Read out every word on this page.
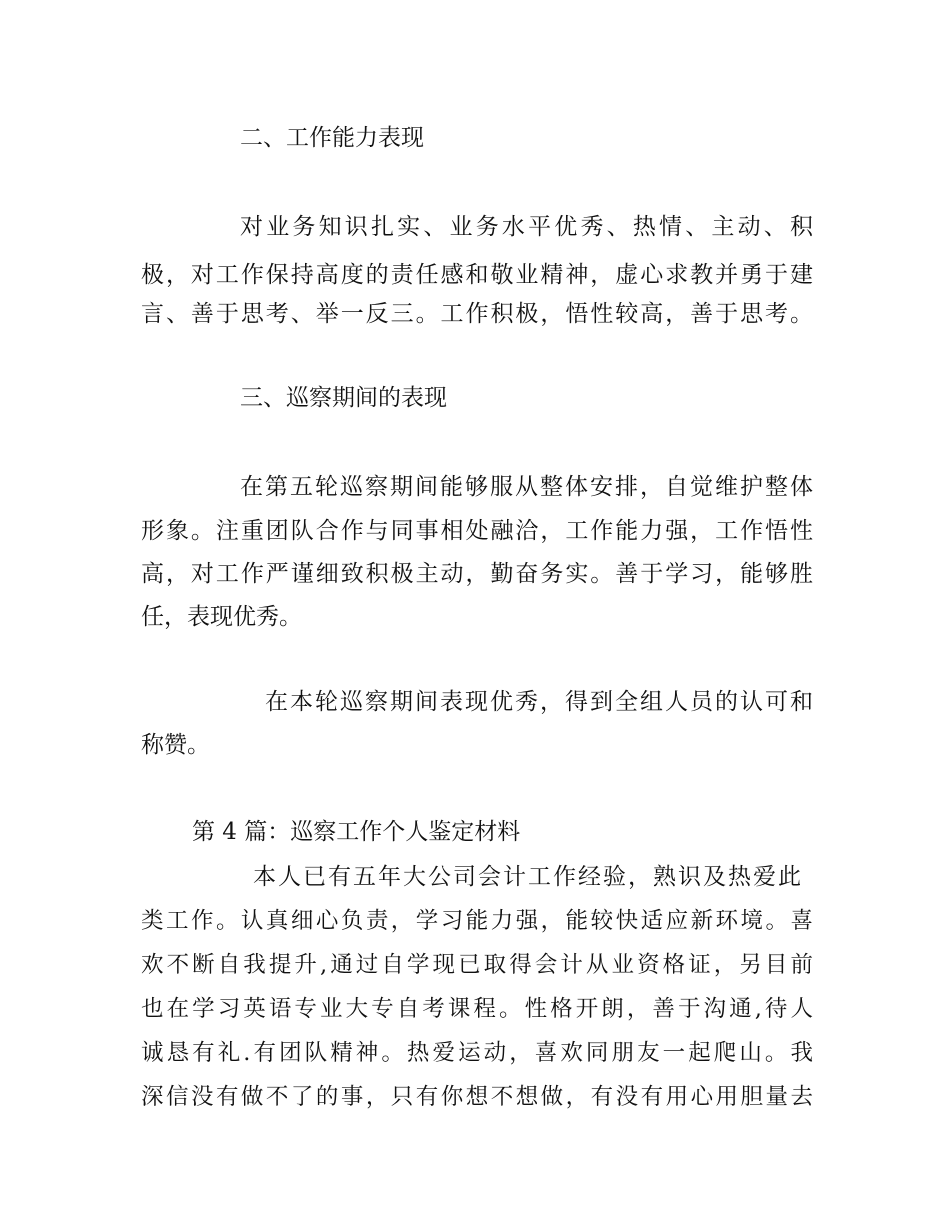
二、工作能力表现
对业务知识扎实、业务水平优秀、热情、主动、积
极，对工作保持高度的责任感和敬业精神，虚心求教并勇于建
言、善于思考、举一反三。工作积极，悟性较高，善于思考。
三、巡察期间的表现
在第五轮巡察期间能够服从整体安排，自觉维护整体
形象。注重团队合作与同事相处融洽，工作能力强，工作悟性
高，对工作严谨细致积极主动，勤奋务实。善于学习，能够胜
任，表现优秀。
在本轮巡察期间表现优秀，得到全组人员的认可和
称赞。
第 4 篇：巡察工作个人鉴定材料
本人已有五年大公司会计工作经验，熟识及热爱此
类工作。认真细心负责，学习能力强，能较快适应新环境。喜
欢不断自我提升,通过自学现已取得会计从业资格证，另目前
也在学习英语专业大专自考课程。性格开朗，善于沟通,待人
诚恳有礼.有团队精神。热爱运动，喜欢同朋友一起爬山。我
深信没有做不了的事，只有你想不想做，有没有用心用胆量去
